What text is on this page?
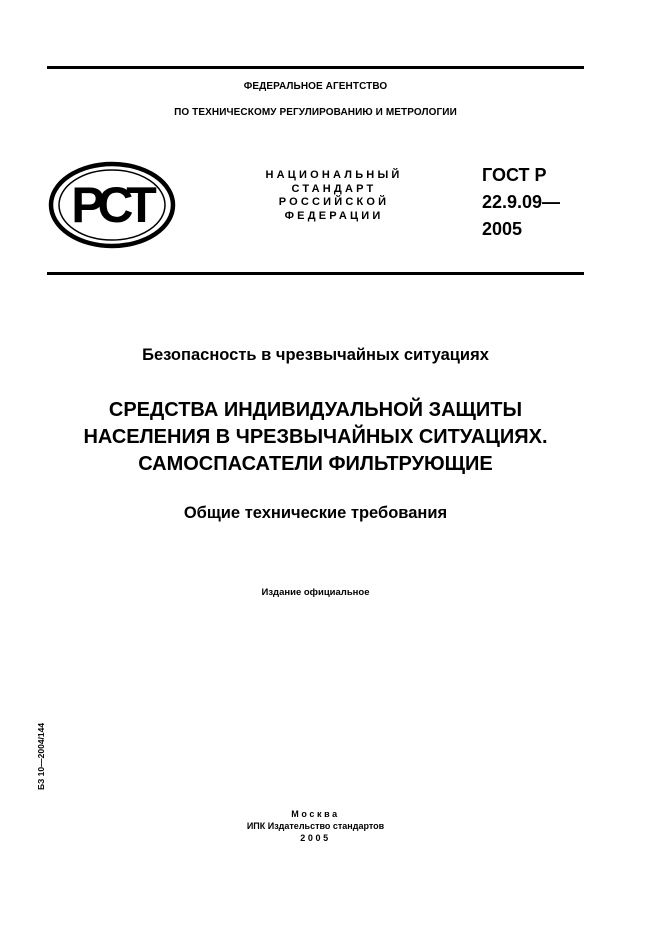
ФЕДЕРАЛЬНОЕ АГЕНТСТВО
ПО ТЕХНИЧЕСКОМУ РЕГУЛИРОВАНИЮ И МЕТРОЛОГИИ
РСТ
НАЦИОНАЛЬНЫЙ
СТАНДАРТ
РОССИЙСКОЙ
ФЕДЕРАЦИИ
ГОСТ Р
22.9.09—
2005
Безопасность в чрезвычайных ситуациях
СРЕДСТВА ИНДИВИДУАЛЬНОЙ ЗАЩИТЫ
НАСЕЛЕНИЯ В ЧРЕЗВЫЧАЙНЫХ СИТУАЦИЯХ.
САМОСПАСАТЕЛИ ФИЛЬТРУЮЩИЕ
Общие технические требования
Издание официальное
БЗ 10—2004/144
Москва
ИПК Издательство стандартов
2005
